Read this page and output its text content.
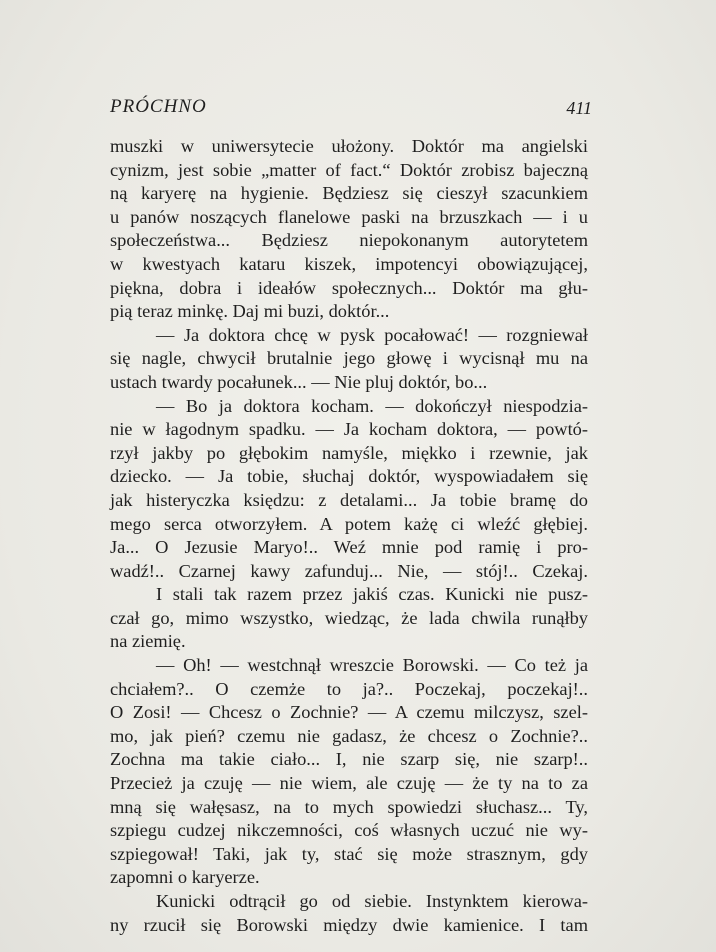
PRÓCHNO	411
muszki w uniwersytecie ułożony. Doktór ma angielski
cynizm, jest sobie „matter of fact.“ Doktór zrobisz bajeczną
ną karyerę na hygienie. Będziesz się cieszył szacunkiem
u panów noszących flanelowe paski na brzuszkach — i u
społeczeństwa... Będziesz niepokonanym autorytetem
w kwestyach kataru kiszek, impotencyi obowiązującej,
piękna, dobra i ideałów społecznych... Doktór ma głu-
pią teraz minkę. Daj mi buzi, doktór...
— Ja doktora chcę w pysk pocałować! — rozgniewał
się nagle, chwycił brutalnie jego głowę i wycisnął mu na
ustach twardy pocałunek... — Nie pluj doktór, bo...
— Bo ja doktora kocham. — dokończył niespodzia-
nie w łagodnym spadku. — Ja kocham doktora, — powtó-
rzył jakby po głębokim namyśle, miękko i rzewnie, jak
dziecko. — Ja tobie, słuchaj doktór, wyspowiadałem się
jak histeryczka księdzu: z detalami... Ja tobie bramę do
mego serca otworzyłem. A potem każę ci wleźć głębiej.
Ja... O Jezusie Maryo!.. Weź mnie pod ramię i pro-
wadź!.. Czarnej kawy zafunduj... Nie, — stój!.. Czekaj.
I stali tak razem przez jakiś czas. Kunicki nie pusz-
czał go, mimo wszystko, wiedząc, że lada chwila runąłby
na ziemię.
— Oh! — westchnął wreszcie Borowski. — Co też ja
chciałem?.. O czemże to ja?.. Poczekaj, poczekaj!..
O Zosi! — Chcesz o Zochnie? — A czemu milczysz, szel-
mo, jak pień? czemu nie gadasz, że chcesz o Zochnie?..
Zochna ma takie ciało... I, nie szarp się, nie szarp!..
Przecież ja czuję — nie wiem, ale czuję — że ty na to za
mną się wałęsasz, na to mych spowiedzi słuchasz... Ty,
szpiegu cudzej nikczemności, coś własnych uczuć nie wy-
szpiegował! Taki, jak ty, stać się może strasznym, gdy
zapomni o karyerze.
Kunicki odtrącił go od siebie. Instynktem kierowa-
ny rzucił się Borowski między dwie kamienice. I tam
